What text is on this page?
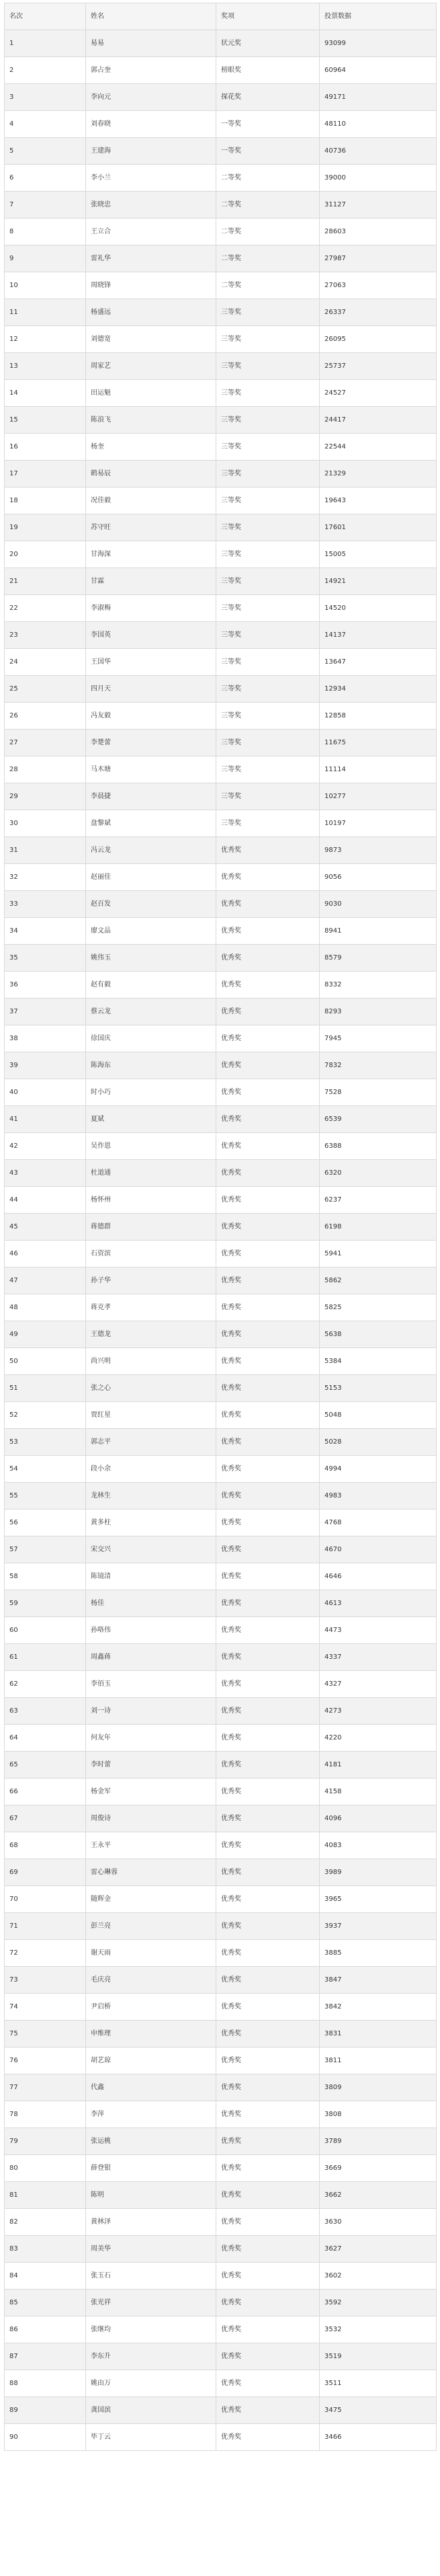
名次	姓名	奖项	投票数据
1	易易	状元奖	93099
2	郭占奎	榜眼奖	60964
3	李向元	探花奖	49171
4	刘春晓	一等奖	48110
5	王建海	一等奖	40736
6	李小兰	二等奖	39000
7	张晓忠	二等奖	31127
8	王立合	二等奖	28603
9	雷礼华	二等奖	27987
10	周晓锋	二等奖	27063
11	杨盛远	三等奖	26337
12	刘德宽	三等奖	26095
13	周家艺	三等奖	25737
14	田运魁	三等奖	24527
15	陈浪飞	三等奖	24417
16	杨奎	三等奖	22544
17	鹤易辰	三等奖	21329
18	况佳毅	三等奖	19643
19	苏守旺	三等奖	17601
20	甘海深	三等奖	15005
21	甘霖	三等奖	14921
22	李淑梅	三等奖	14520
23	李国英	三等奖	14137
24	王国华	三等奖	13647
25	四月天	三等奖	12934
26	冯友毅	三等奖	12858
27	李楚蕾	三等奖	11675
28	马木塘	三等奖	11114
29	李晨捷	三等奖	10277
30	盘黎斌	三等奖	10197
31	冯云龙	优秀奖	9873
32	赵丽佳	优秀奖	9056
33	赵百发	优秀奖	9030
34	廖文品	优秀奖	8941
35	姚伟玉	优秀奖	8579
36	赵有毅	优秀奖	8332
37	蔡云龙	优秀奖	8293
38	徐国庆	优秀奖	7945
39	陈海东	优秀奖	7832
40	时小巧	优秀奖	7528
41	夏斌	优秀奖	6539
42	吴作恩	优秀奖	6388
43	杜道通	优秀奖	6320
44	杨怀州	优秀奖	6237
45	蒋德群	优秀奖	6198
46	石资滨	优秀奖	5941
47	孙子华	优秀奖	5862
48	蒋克孝	优秀奖	5825
49	王德龙	优秀奖	5638
50	尚兴明	优秀奖	5384
51	张之心	优秀奖	5153
52	贾红星	优秀奖	5048
53	郭志平	优秀奖	5028
54	段小余	优秀奖	4994
55	龙林生	优秀奖	4983
56	黄多柱	优秀奖	4768
57	宋交兴	优秀奖	4670
58	陈镜清	优秀奖	4646
59	杨佳	优秀奖	4613
60	孙咯伟	优秀奖	4473
61	周鑫蒋	优秀奖	4337
62	李佰玉	优秀奖	4327
63	刘一诗	优秀奖	4273
64	何友年	优秀奖	4220
65	李时蕾	优秀奖	4181
66	杨金军	优秀奖	4158
67	周俊诗	优秀奖	4096
68	王永平	优秀奖	4083
69	雷心琳蓉	优秀奖	3989
70	随辉金	优秀奖	3965
71	彭兰亮	优秀奖	3937
72	谢天雨	优秀奖	3885
73	毛庆亮	优秀奖	3847
74	尹启桥	优秀奖	3842
75	申维理	优秀奖	3831
76	胡艺琼	优秀奖	3811
77	代鑫	优秀奖	3809
78	李萍	优秀奖	3808
79	张运桃	优秀奖	3789
80	薛登银	优秀奖	3669
81	陈明	优秀奖	3662
82	黄林泽	优秀奖	3630
83	周美华	优秀奖	3627
84	张玉石	优秀奖	3602
85	张光祥	优秀奖	3592
86	张继均	优秀奖	3532
87	李东升	优秀奖	3519
88	姚由万	优秀奖	3511
89	龚国滨	优秀奖	3475
90	毕丁云	优秀奖	3466
